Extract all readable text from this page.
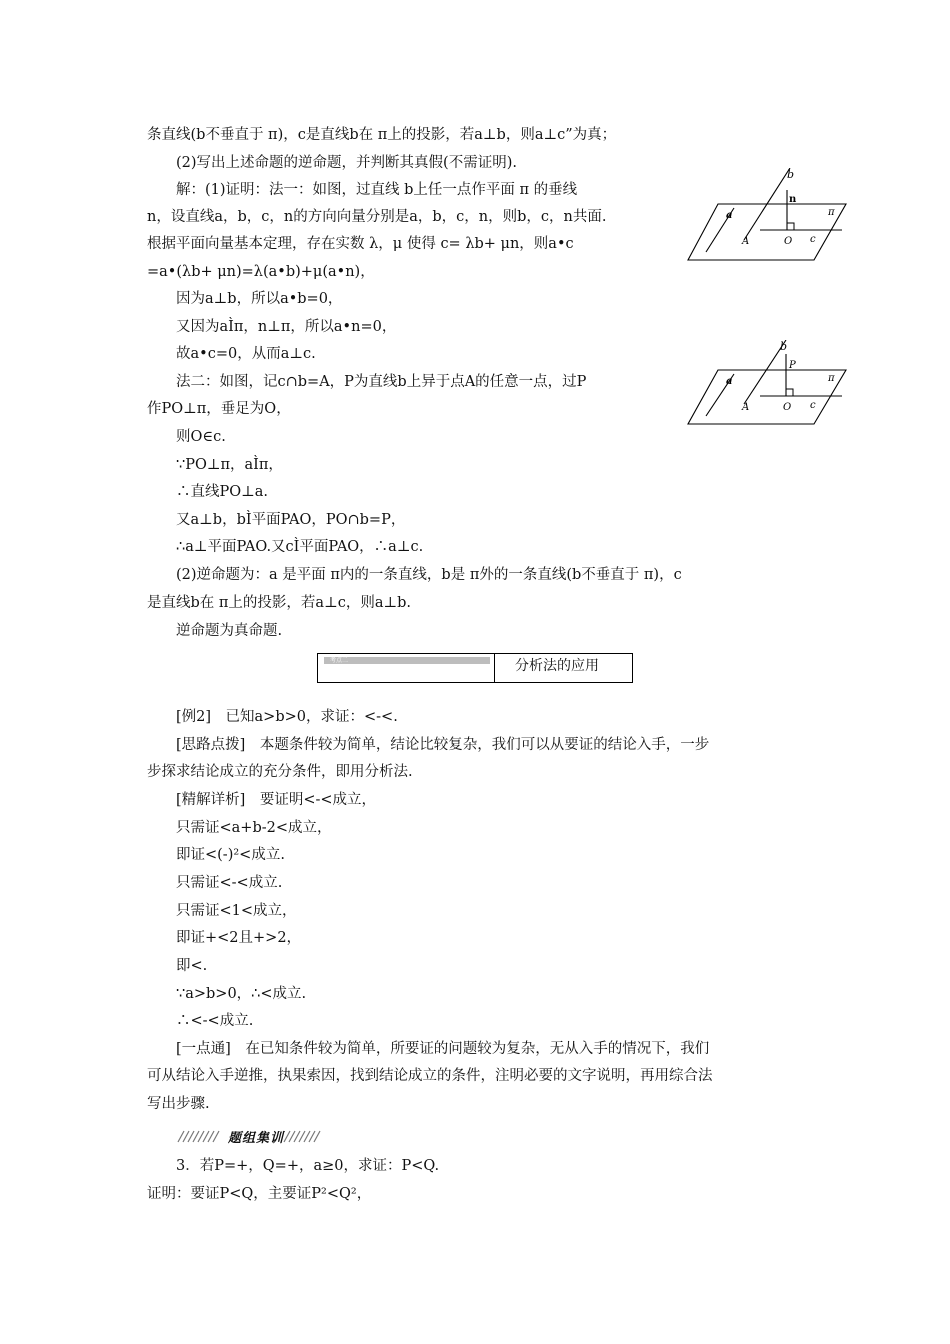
条直线(b不垂直于 π)，c是直线b在 π上的投影，若a⊥b，则a⊥c”为真；
(2)写出上述命题的逆命题，并判断其真假(不需证明).
解：(1)证明：法一：如图，过直线 b上任一点作平面 π 的垂线
n，设直线a，b，c，n的方向向量分别是a，b，c，n，则b，c，n共面.
根据平面向量基本定理，存在实数 λ，μ 使得 c= λb+ μn，则a•c
=a•(λb+ μn)=λ(a•b)+μ(a•n)，
因为a⊥b，所以a•b=0，
又因为aÌπ，n⊥π，所以a•n=0，
故a•c=0，从而a⊥c.
法二：如图，记c∩b=A，P为直线b上异于点A的任意一点，过P
作PO⊥π，垂足为O，
则O∈c.
∵PO⊥π，aÌπ，
∴直线PO⊥a.
又a⊥b，bÌ平面PAO，PO∩b=P，
∴a⊥平面PAO.又cÌ平面PAO，∴a⊥c.
(2)逆命题为：a 是平面 π内的一条直线，b是 π外的一条直线(b不垂直于 π)，c
是直线b在 π上的投影，若a⊥c，则a⊥b.
逆命题为真命题.
考点二	分析法的应用
[例2]　已知a>b>0，求证：<-<.
[思路点拨]　本题条件较为简单，结论比较复杂，我们可以从要证的结论入手，一步
步探求结论成立的充分条件，即用分析法.
[精解详析]　要证明<-<成立，
只需证<a+b-2<成立，
即证<(-)²<成立.
只需证<-<成立.
只需证<1<成立，
即证+<2且+>2，
即<.
∵a>b>0，∴<成立.
∴<-<成立.
[一点通]　在已知条件较为简单，所要证的问题较为复杂，无从入手的情况下，我们
可从结论入手逆推，执果索因，找到结论成立的条件，注明必要的文字说明，再用综合法
写出步骤.
题组集训
3．若P=+，Q=+，a≥0，求证：P<Q.
证明：要证P<Q，主要证P²<Q²，
b
n
π
a
A	O c
b
P
π
a
A	O c
